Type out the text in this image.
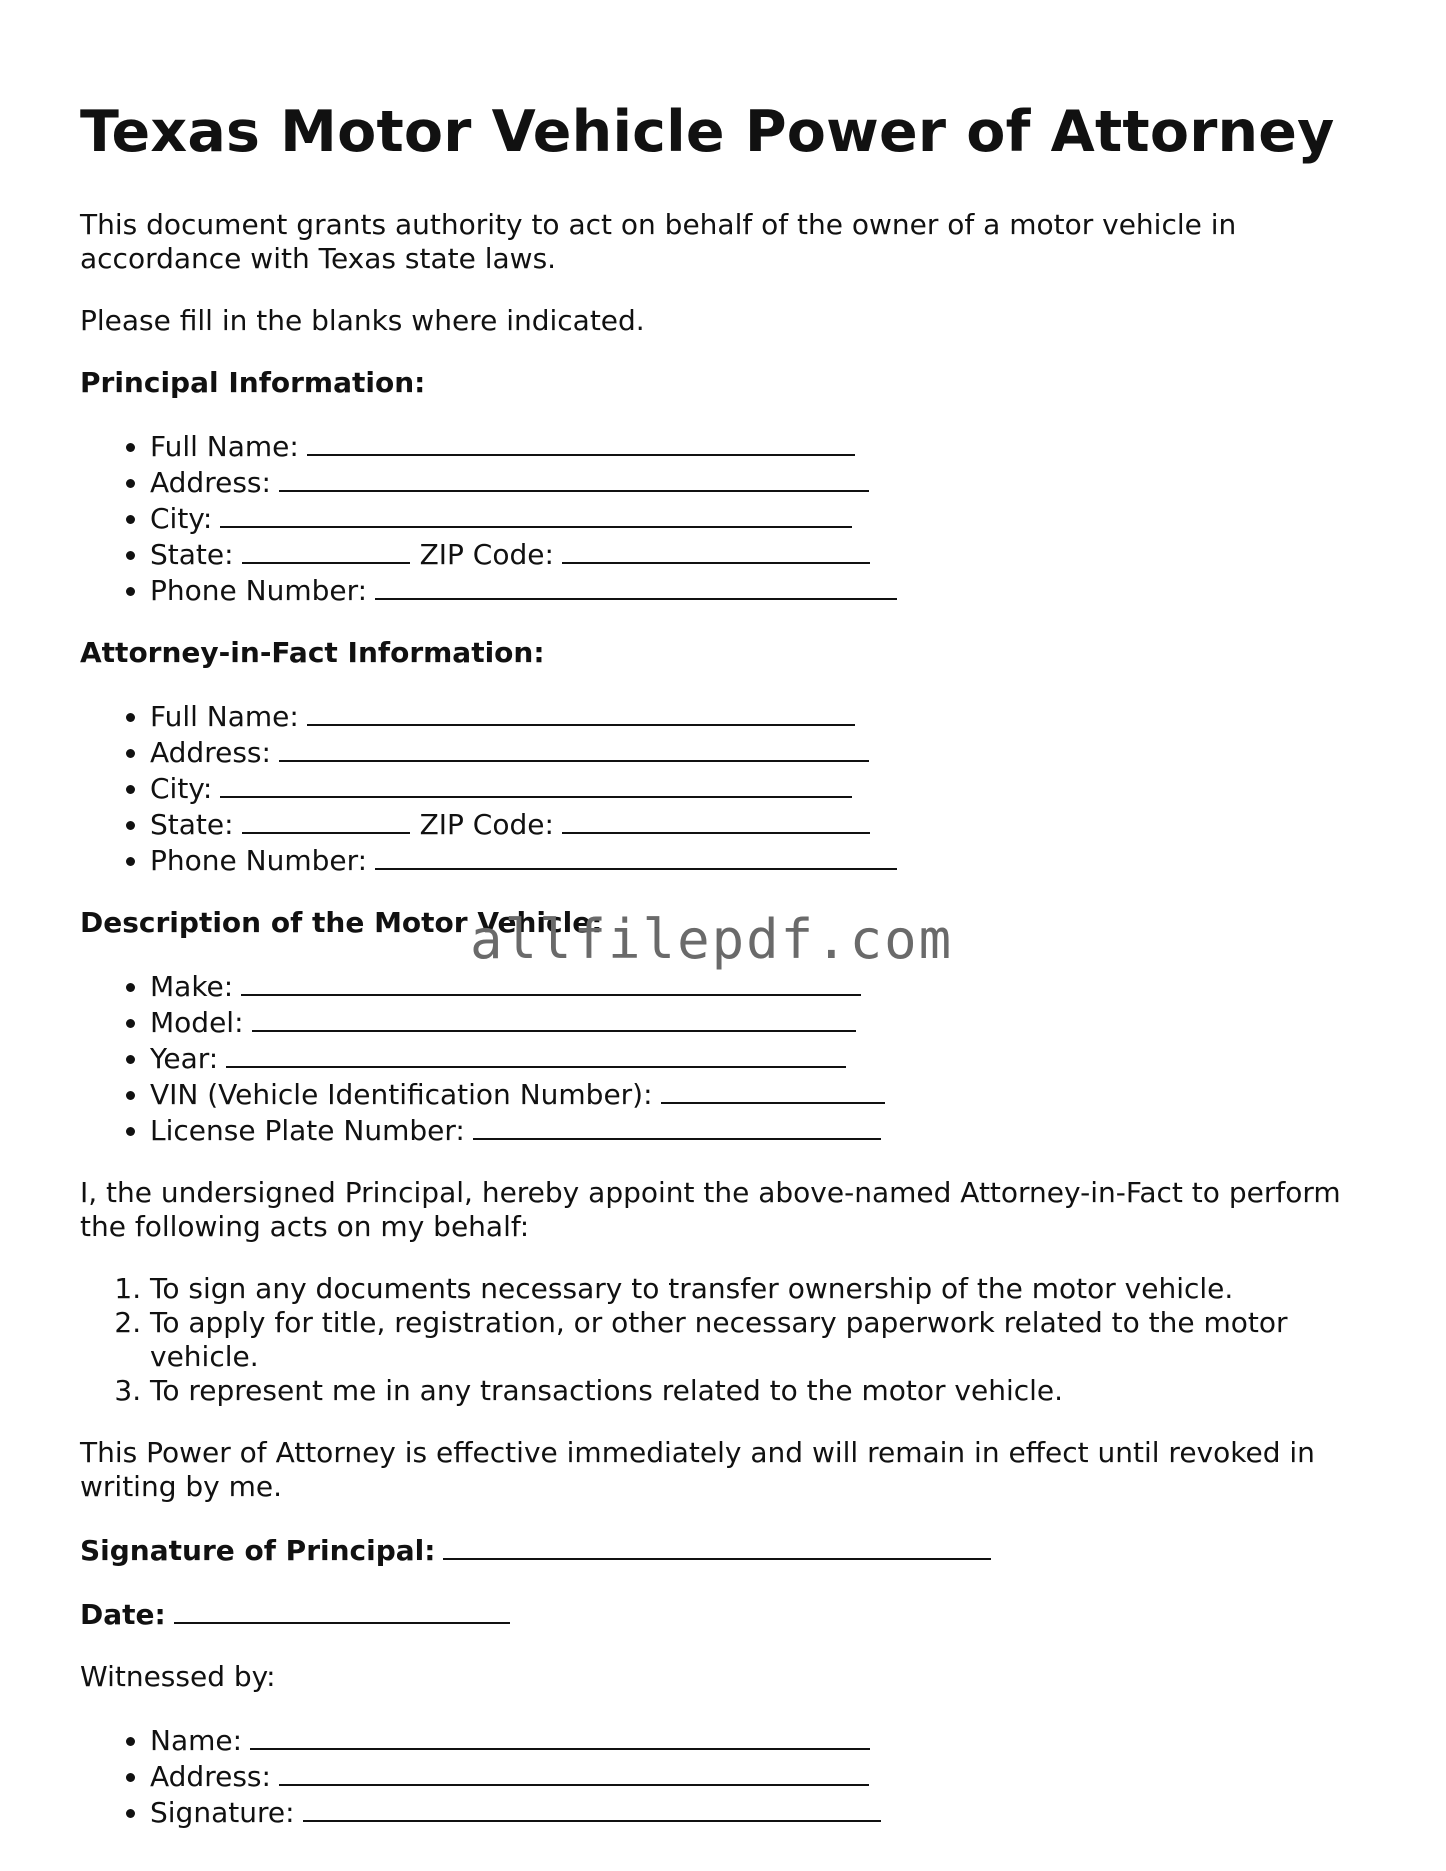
Texas Motor Vehicle Power of Attorney

This document grants authority to act on behalf of the owner of a motor vehicle in accordance with Texas state laws.

Please fill in the blanks where indicated.

Principal Information:

• Full Name:
• Address:
• City:
• State:	ZIP Code:
• Phone Number:

Attorney-in-Fact Information:

• Full Name:
• Address:
• City:
• State:	ZIP Code:
• Phone Number:

Description of the Motor Vehicle:

• Make:
• Model:
• Year:
• VIN (Vehicle Identification Number):
• License Plate Number:

I, the undersigned Principal, hereby appoint the above-named Attorney-in-Fact to perform the following acts on my behalf:

1. To sign any documents necessary to transfer ownership of the motor vehicle.
2. To apply for title, registration, or other necessary paperwork related to the motor vehicle.
3. To represent me in any transactions related to the motor vehicle.

This Power of Attorney is effective immediately and will remain in effect until revoked in writing by me.

Signature of Principal:

Date:

Witnessed by:

• Name:
• Address:
• Signature:
allfilepdf.com
